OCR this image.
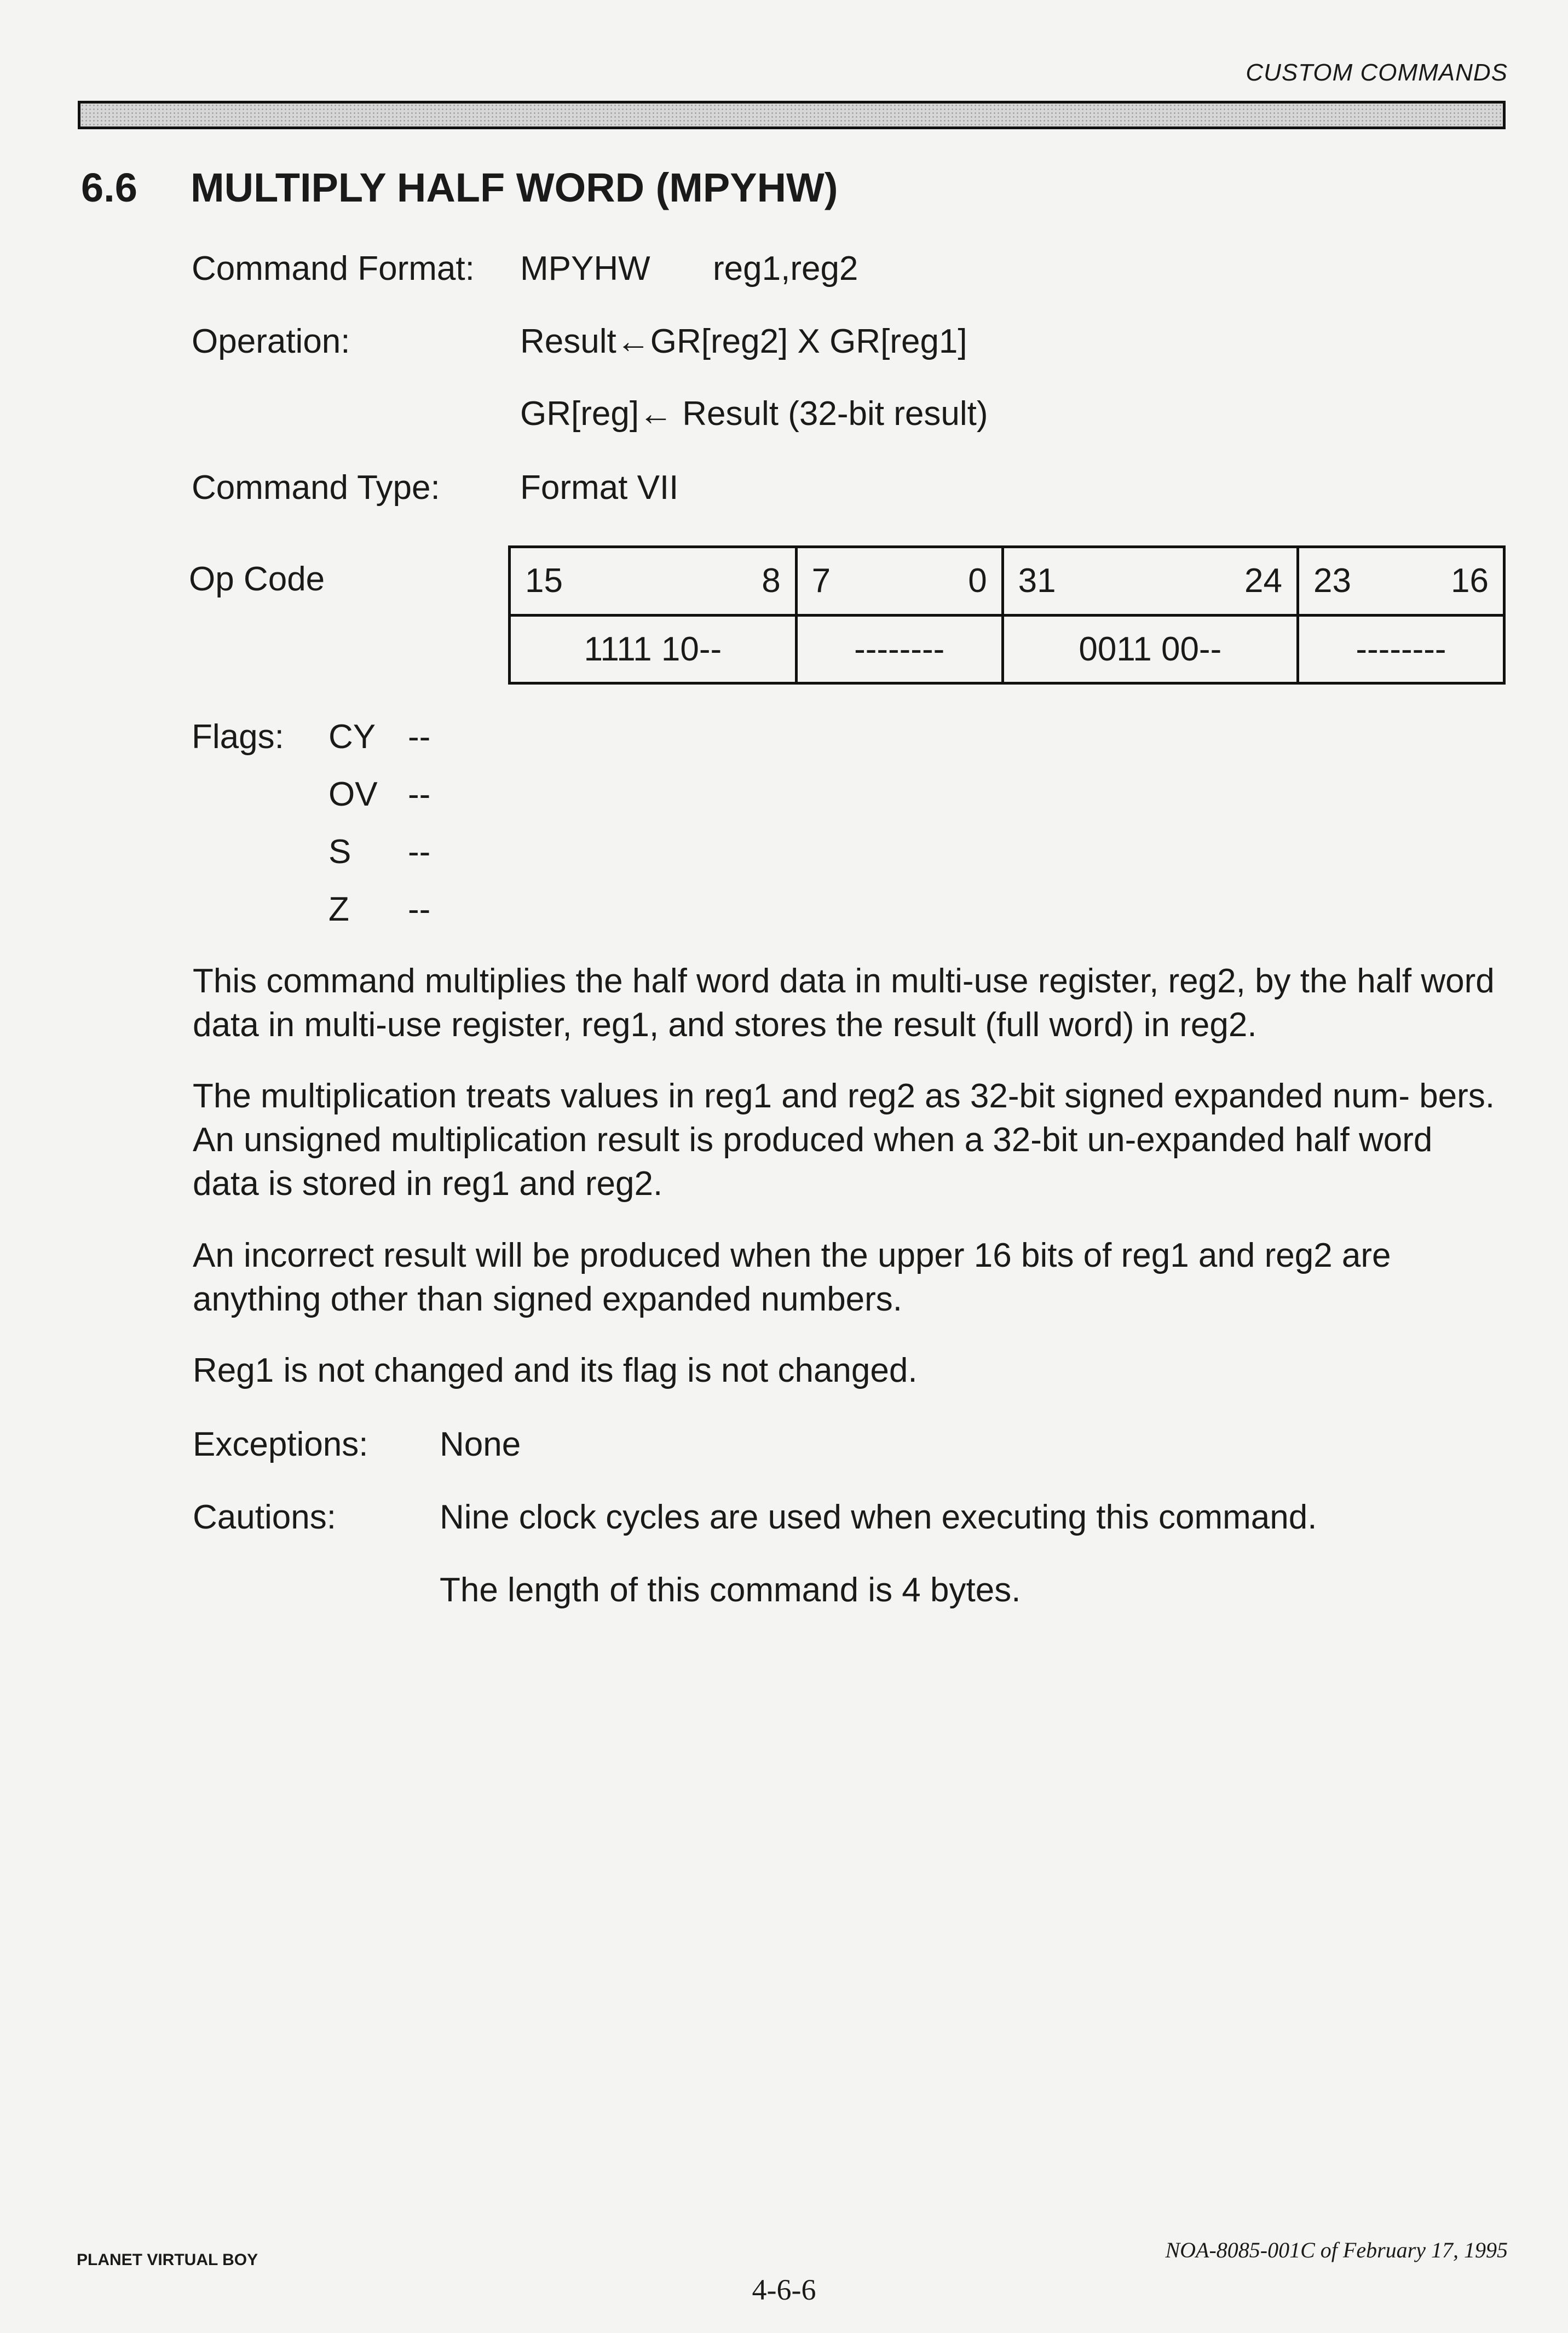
CUSTOM COMMANDS
6.6 MULTIPLY HALF WORD (MPYHW)
Command Format: MPYHW reg1,reg2
Operation:	Result←GR[reg2] X GR[reg1]
GR[reg]← Result (32-bit result)
Command Type: Format VII
Op Code	15 8	7 0	31 24	23 16

1111 10--	--------	0011 00--	--------
Flags: CY --
OV --
S --
Z --
This command multiplies the half word data in multi-use register, reg2, by the half word data in multi-use register, reg1, and stores the result (full word) in reg2.
The multiplication treats values in reg1 and reg2 as 32-bit signed expanded num- bers. An unsigned multiplication result is produced when a 32-bit un-expanded half word data is stored in reg1 and reg2.
An incorrect result will be produced when the upper 16 bits of reg1 and reg2 are anything other than signed expanded numbers.
Reg1 is not changed and its flag is not changed.
Exceptions: None
Cautions:	Nine clock cycles are used when executing this command.
The length of this command is 4 bytes.
PLANET VIRTUAL BOY	NOA-8085-001C of February 17, 1995
4-6-6
